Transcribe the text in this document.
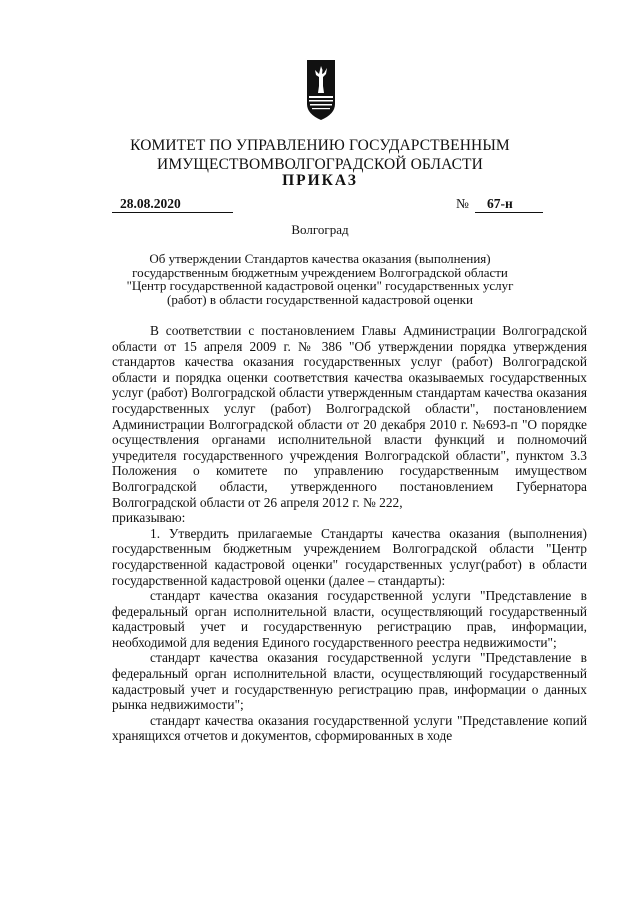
КОМИТЕТ ПО УПРАВЛЕНИЮ ГОСУДАРСТВЕННЫМ
ИМУЩЕСТВОМВОЛГОГРАДСКОЙ ОБЛАСТИ
ПРИКАЗ
28.08.2020	№	67-н
Волгоград
Об утверждении Стандартов качества оказания (выполнения) государственным бюджетным учреждением Волгоградской области "Центр государственной кадастровой оценки" государственных услуг (работ) в области государственной кадастровой оценки

В соответствии с постановлением Главы Администрации Волгоградской области от 15 апреля 2009 г. № 386 "Об утверждении порядка утверждения стандартов качества оказания государственных услуг (работ) Волгоградской области и порядка оценки соответствия качества оказываемых государственных услуг (работ) Волгоградской области утвержденным стандартам качества оказания государственных услуг (работ) Волгоградской области", постановлением Администрации Волгоградской области от 20 декабря 2010 г. №693-п "О порядке осуществления органами исполнительной власти функций и полномочий учредителя государственного учреждения Волгоградской области", пунктом 3.3 Положения о комитете по управлению государственным имуществом Волгоградской области, утвержденного постановлением Губернатора Волгоградской области от 26 апреля 2012 г. № 222,

приказываю:

1. Утвердить прилагаемые Стандарты качества оказания (выполнения) государственным бюджетным учреждением Волгоградской области "Центр государственной кадастровой оценки" государственных услуг(работ) в области государственной кадастровой оценки (далее – стандарты):

стандарт качества оказания государственной услуги "Представление в федеральный орган исполнительной власти, осуществляющий государственный кадастровый учет и государственную регистрацию прав, информации, необходимой для ведения Единого государственного реестра недвижимости";

стандарт качества оказания государственной услуги "Представление в федеральный орган исполнительной власти, осуществляющий государственный кадастровый учет и государственную регистрацию прав, информации о данных рынка недвижимости";

стандарт качества оказания государственной услуги "Представление копий хранящихся отчетов и документов, сформированных в ходе
